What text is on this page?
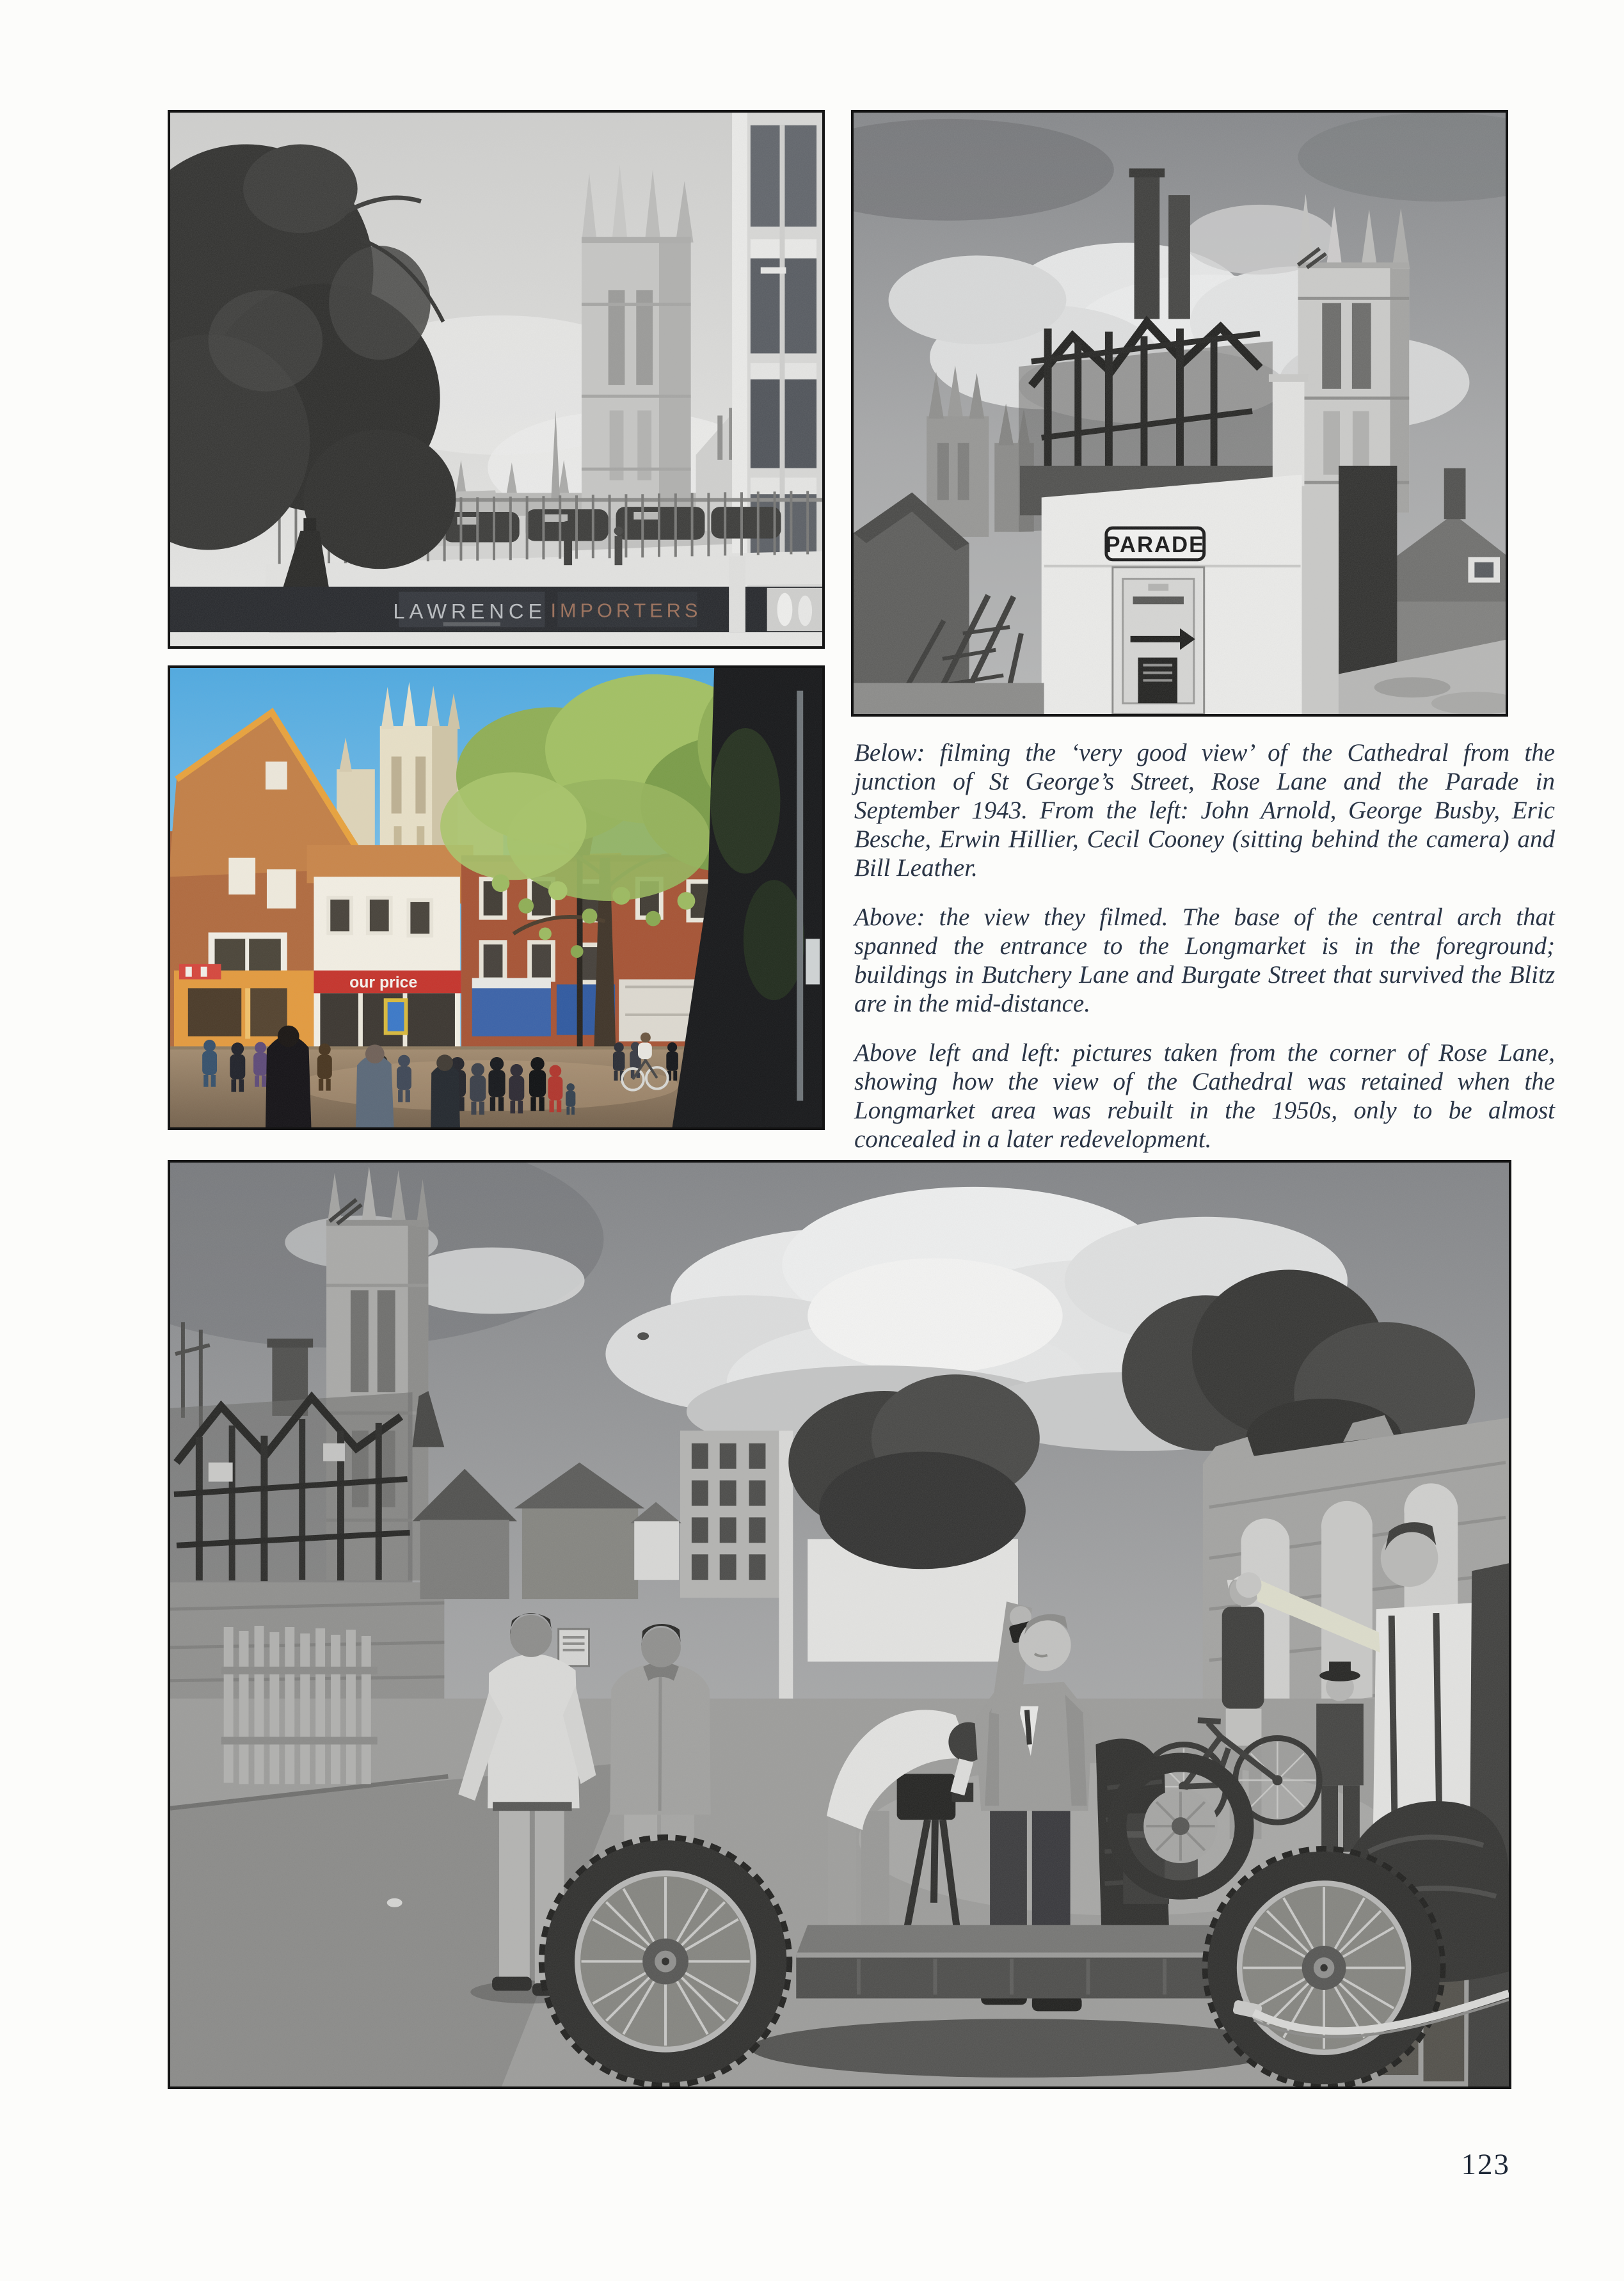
Below: filming the ‘very good view’ of the Cathedral from the junction of St George’s Street, Rose Lane and the Parade in September 1943. From the left: John Arnold, George Busby, Eric Besche, Erwin Hillier, Cecil Cooney (sitting behind the camera) and Bill Leather.

Above: the view they filmed. The base of the central arch that spanned the entrance to the Longmarket is in the foreground; buildings in Butchery Lane and Burgate Street that survived the Blitz are in the mid-distance.

Above left and left: pictures taken from the corner of Rose Lane, showing how the view of the Cathedral was retained when the Longmarket area was rebuilt in the 1950s, only to be almost concealed in a later redevelopment.

123
